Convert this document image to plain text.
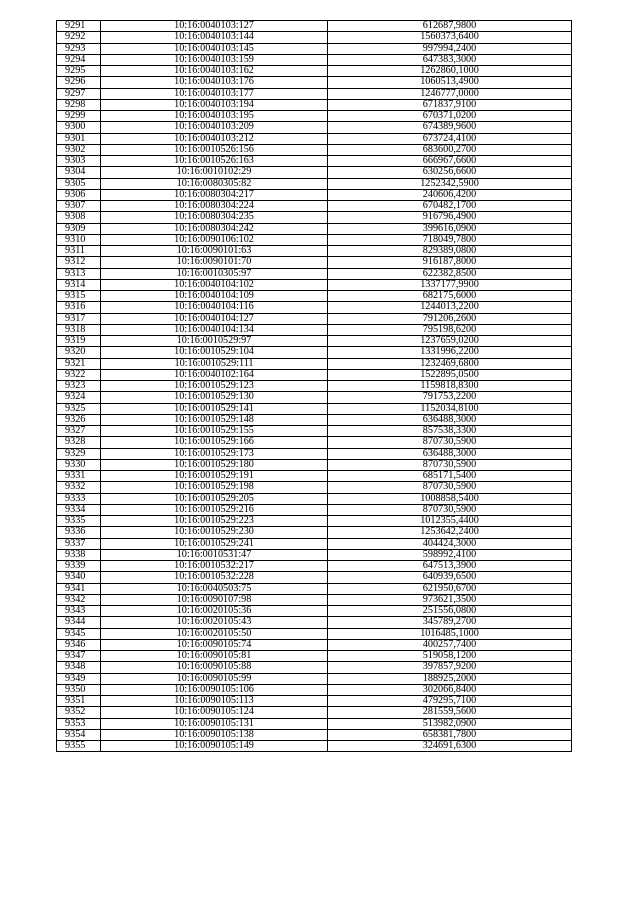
9291	10:16:0040103:127	612687,9800
9292	10:16:0040103:144	1560373,6400
9293	10:16:0040103:145	997994,2400
9294	10:16:0040103:159	647383,3000
9295	10:16:0040103:162	1262860,1000
9296	10:16:0040103:176	1060513,4900
9297	10:16:0040103:177	1246777,0000
9298	10:16:0040103:194	671837,9100
9299	10:16:0040103:195	670371,0200
9300	10:16:0040103:209	674389,9600
9301	10:16:0040103:212	673724,4100
9302	10:16:0010526:156	683600,2700
9303	10:16:0010526:163	666967,6600
9304	10:16:0010102:29	630256,6600
9305	10:16:0080305:82	1252342,5900
9306	10:16:0080304:217	240606,4200
9307	10:16:0080304:224	670482,1700
9308	10:16:0080304:235	916796,4900
9309	10:16:0080304:242	399616,0900
9310	10:16:0090106:102	718049,7800
9311	10:16:0090101:63	829389,0800
9312	10:16:0090101:70	916187,8000
9313	10:16:0010305:97	622382,8500
9314	10:16:0040104:102	1337177,9900
9315	10:16:0040104:109	682175,6000
9316	10:16:0040104:116	1244013,2200
9317	10:16:0040104:127	791206,2600
9318	10:16:0040104:134	795198,6200
9319	10:16:0010529:97	1237659,0200
9320	10:16:0010529:104	1331996,2200
9321	10:16:0010529:111	1232469,6800
9322	10:16:0040102:164	1522895,0500
9323	10:16:0010529:123	1159818,8300
9324	10:16:0010529:130	791753,2200
9325	10:16:0010529:141	1152034,8100
9326	10:16:0010529:148	636488,3000
9327	10:16:0010529:155	857538,3300
9328	10:16:0010529:166	870730,5900
9329	10:16:0010529:173	636488,3000
9330	10:16:0010529:180	870730,5900
9331	10:16:0010529:191	685171,5400
9332	10:16:0010529:198	870730,5900
9333	10:16:0010529:205	1008858,5400
9334	10:16:0010529:216	870730,5900
9335	10:16:0010529:223	1012355,4400
9336	10:16:0010529:230	1253642,2400
9337	10:16:0010529:241	404424,3000
9338	10:16:0010531:47	598992,4100
9339	10:16:0010532:217	647513,3900
9340	10:16:0010532:228	640939,6500
9341	10:16:0040503:75	621950,6700
9342	10:16:0090107:98	973621,3500
9343	10:16:0020105:36	251556,0800
9344	10:16:0020105:43	345789,2700
9345	10:16:0020105:50	1016485,1000
9346	10:16:0090105:74	400257,7400
9347	10:16:0090105:81	519058,1200
9348	10:16:0090105:88	397857,9200
9349	10:16:0090105:99	188925,2000
9350	10:16:0090105:106	302066,8400
9351	10:16:0090105:113	479295,7100
9352	10:16:0090105:124	281559,5600
9353	10:16:0090105:131	513982,0900
9354	10:16:0090105:138	658381,7800
9355	10:16:0090105:149	324691,6300
